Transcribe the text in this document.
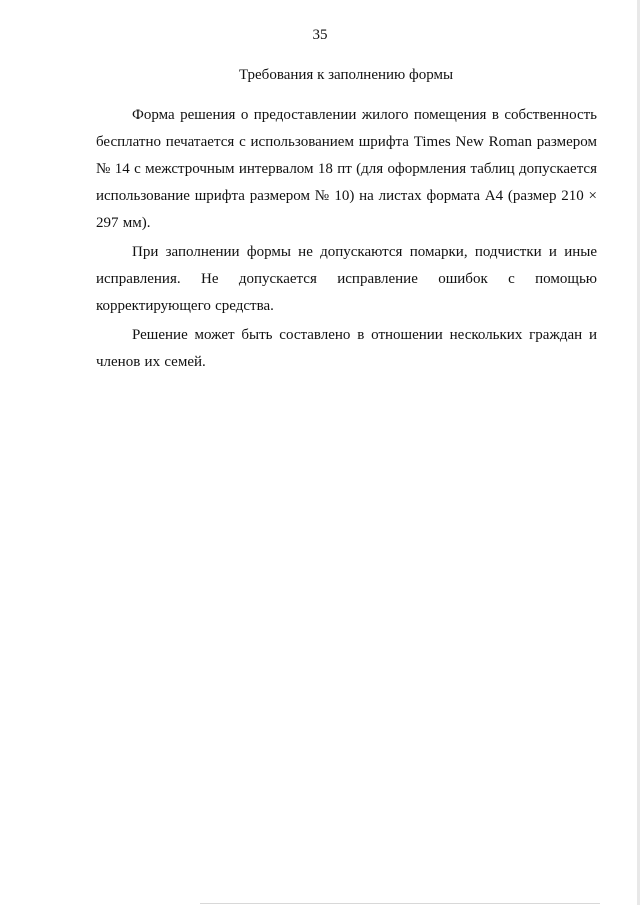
35
Требования к заполнению формы

Форма решения о предоставлении жилого помещения в собственность бесплатно печатается с использованием шрифта Times New Roman размером № 14 с межстрочным интервалом 18 пт (для оформления таблиц допускается использование шрифта размером № 10) на листах формата А4 (размер 210 × 297 мм).

При заполнении формы не допускаются помарки, подчистки и иные исправления. Не допускается исправление ошибок с помощью корректирующего средства.

Решение может быть составлено в отношении нескольких граждан и членов их семей.
